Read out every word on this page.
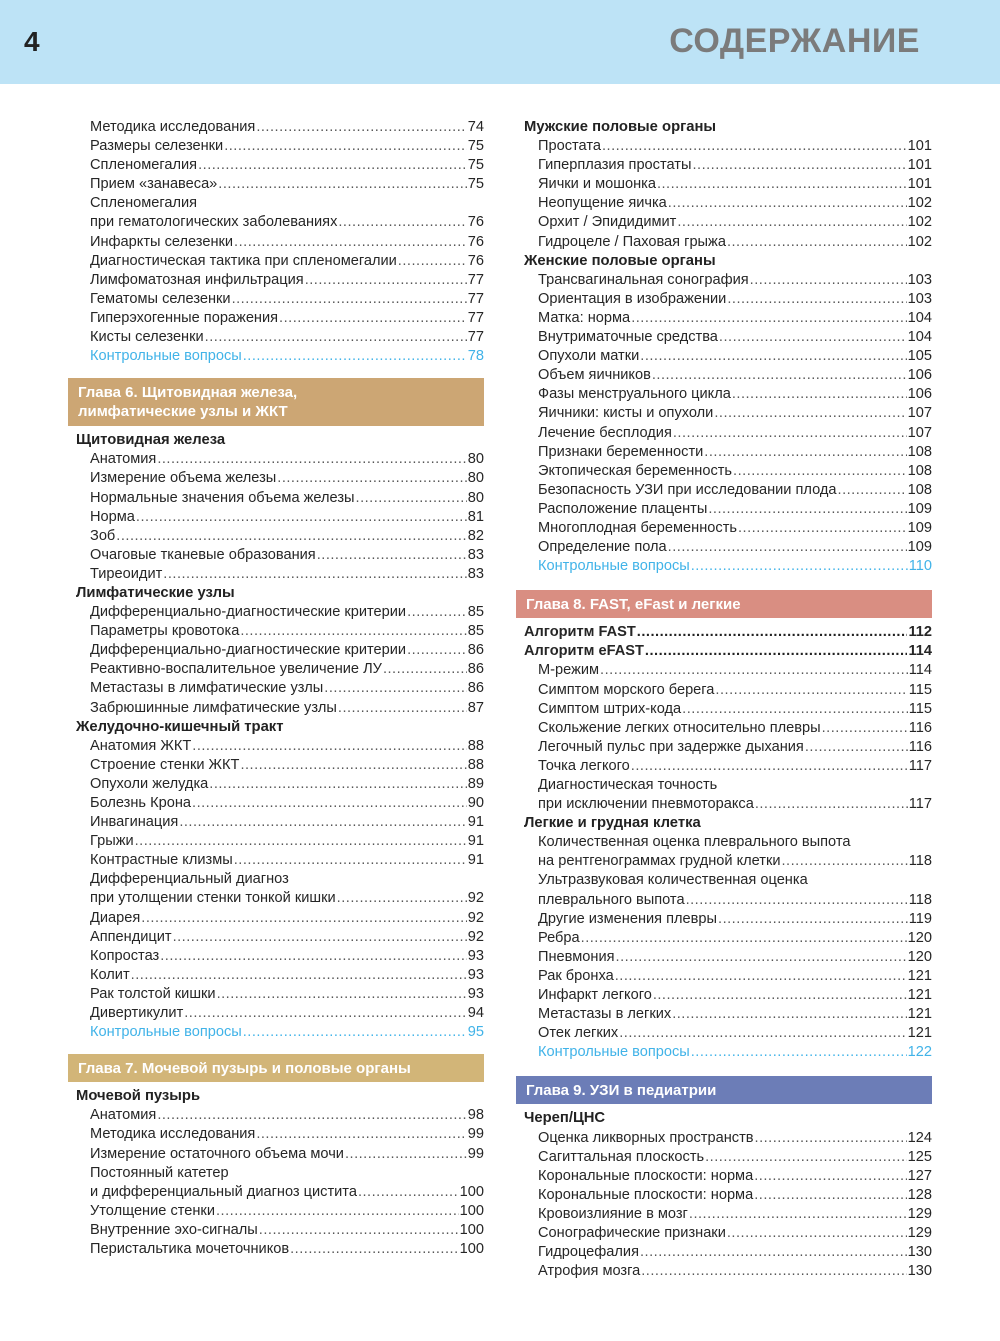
4	СОДЕРЖАНИЕ
Методика исследования .....	74
Размеры селезенки .....	75
Спленомегалия .....	75
Прием «занавеса» .....	75
Спленомегалия
при гематологических заболеваниях .....	76
Инфаркты селезенки .....	76
Диагностическая тактика при спленомегалии .....	76
Лимфоматозная инфильтрация .....	77
Гематомы селезенки .....	77
Гиперэхогенные поражения .....	77
Кисты селезенки .....	77
Контрольные вопросы .....	78
Глава 6. Щитовидная железа,
лимфатические узлы и ЖКТ
Щитовидная железа
Анатомия .....	80
Измерение объема железы .....	80
Нормальные значения объема железы .....	80
Норма .....	81
Зоб .....	82
Очаговые тканевые образования .....	83
Тиреоидит .....	83
Лимфатические узлы
Дифференциально-диагностические критерии .....	85
Параметры кровотока .....	85
Дифференциально-диагностические критерии .....	86
Реактивно-воспалительное увеличение ЛУ .....	86
Метастазы в лимфатические узлы .....	86
Забрюшинные лимфатические узлы .....	87
Желудочно-кишечный тракт
Анатомия ЖКТ .....	88
Строение стенки ЖКТ .....	88
Опухоли желудка .....	89
Болезнь Крона .....	90
Инвагинация .....	91
Грыжи .....	91
Контрастные клизмы .....	91
Дифференциальный диагноз
при утолщении стенки тонкой кишки .....	92
Диарея .....	92
Аппендицит .....	92
Копростаз .....	93
Колит .....	93
Рак толстой кишки .....	93
Дивертикулит .....	94
Контрольные вопросы .....	95
Глава 7. Мочевой пузырь и половые органы
Мочевой пузырь
Анатомия .....	98
Методика исследования .....	99
Измерение остаточного объема мочи .....	99
Постоянный катетер
и дифференциальный диагноз цистита .....	100
Утолщение стенки .....	100
Внутренние эхо-сигналы .....	100
Перистальтика мочеточников .....	100
Мужские половые органы
Простата .....	101
Гиперплазия простаты .....	101
Яички и мошонка .....	101
Неопущение яичка .....	102
Орхит / Эпидидимит .....	102
Гидроцеле / Паховая грыжа .....	102
Женские половые органы
Трансвагинальная сонография .....	103
Ориентация в изображении .....	103
Матка: норма .....	104
Внутриматочные средства .....	104
Опухоли матки .....	105
Объем яичников .....	106
Фазы менструального цикла .....	106
Яичники: кисты и опухоли .....	107
Лечение бесплодия .....	107
Признаки беременности .....	108
Эктопическая беременность .....	108
Безопасность УЗИ при исследовании плода .....	108
Расположение плаценты .....	109
Многоплодная беременность .....	109
Определение пола .....	109
Контрольные вопросы .....	110
Глава 8. FAST, eFast и легкие
Алгоритм FAST .....	112
Алгоритм eFAST .....	114
М-режим .....	114
Симптом морского берега .....	115
Симптом штрих-кода .....	115
Скольжение легких относительно плевры .....	116
Легочный пульс при задержке дыхания .....	116
Точка легкого .....	117
Диагностическая точность
при исключении пневмоторакса .....	117
Легкие и грудная клетка
Количественная оценка плеврального выпота
на рентгенограммах грудной клетки .....	118
Ультразвуковая количественная оценка
плеврального выпота .....	118
Другие изменения плевры .....	119
Ребра .....	120
Пневмония .....	120
Рак бронха .....	121
Инфаркт легкого .....	121
Метастазы в легких .....	121
Отек легких .....	121
Контрольные вопросы .....	122
Глава 9. УЗИ в педиатрии
Череп/ЦНС
Оценка ликворных пространств .....	124
Сагиттальная плоскость .....	125
Корональные плоскости: норма .....	127
Корональные плоскости: норма .....	128
Кровоизлияние в мозг .....	129
Сонографические признаки .....	129
Гидроцефалия .....	130
Атрофия мозга .....	130
